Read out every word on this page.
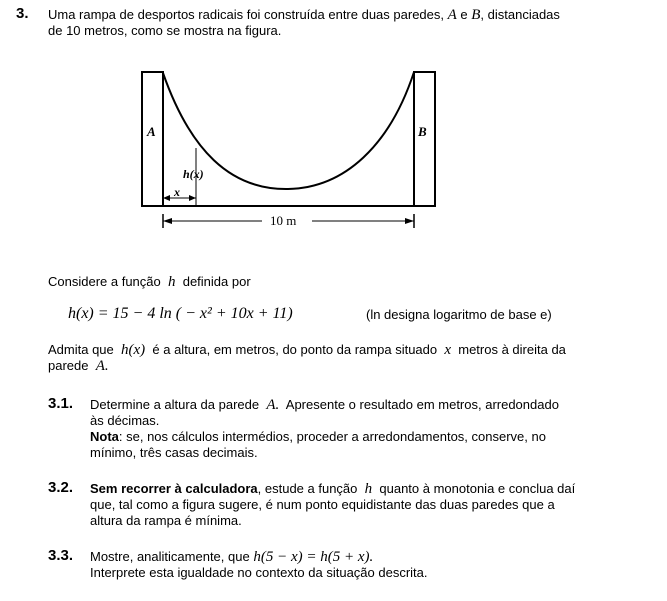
3. Uma rampa de desportos radicais foi construída entre duas paredes, A e B, distanciadas
de 10 metros, como se mostra na figura.
A	B
h(x)
x
10 m
Considere a função h definida por
h(x) = 15 − 4 ln ( − x² + 10x + 11)	(ln designa logaritmo de base e)
Admita que h(x) é a altura, em metros, do ponto da rampa situado x metros à direita da
parede A.
3.1. Determine a altura da parede A. Apresente o resultado em metros, arredondado
às décimas.
Nota: se, nos cálculos intermédios, proceder a arredondamentos, conserve, no
mínimo, três casas decimais.
3.2. Sem recorrer à calculadora, estude a função h quanto à monotonia e conclua daí
que, tal como a figura sugere, é num ponto equidistante das duas paredes que a
altura da rampa é mínima.
3.3. Mostre, analiticamente, que h(5 − x) = h(5 + x).
Interprete esta igualdade no contexto da situação descrita.
